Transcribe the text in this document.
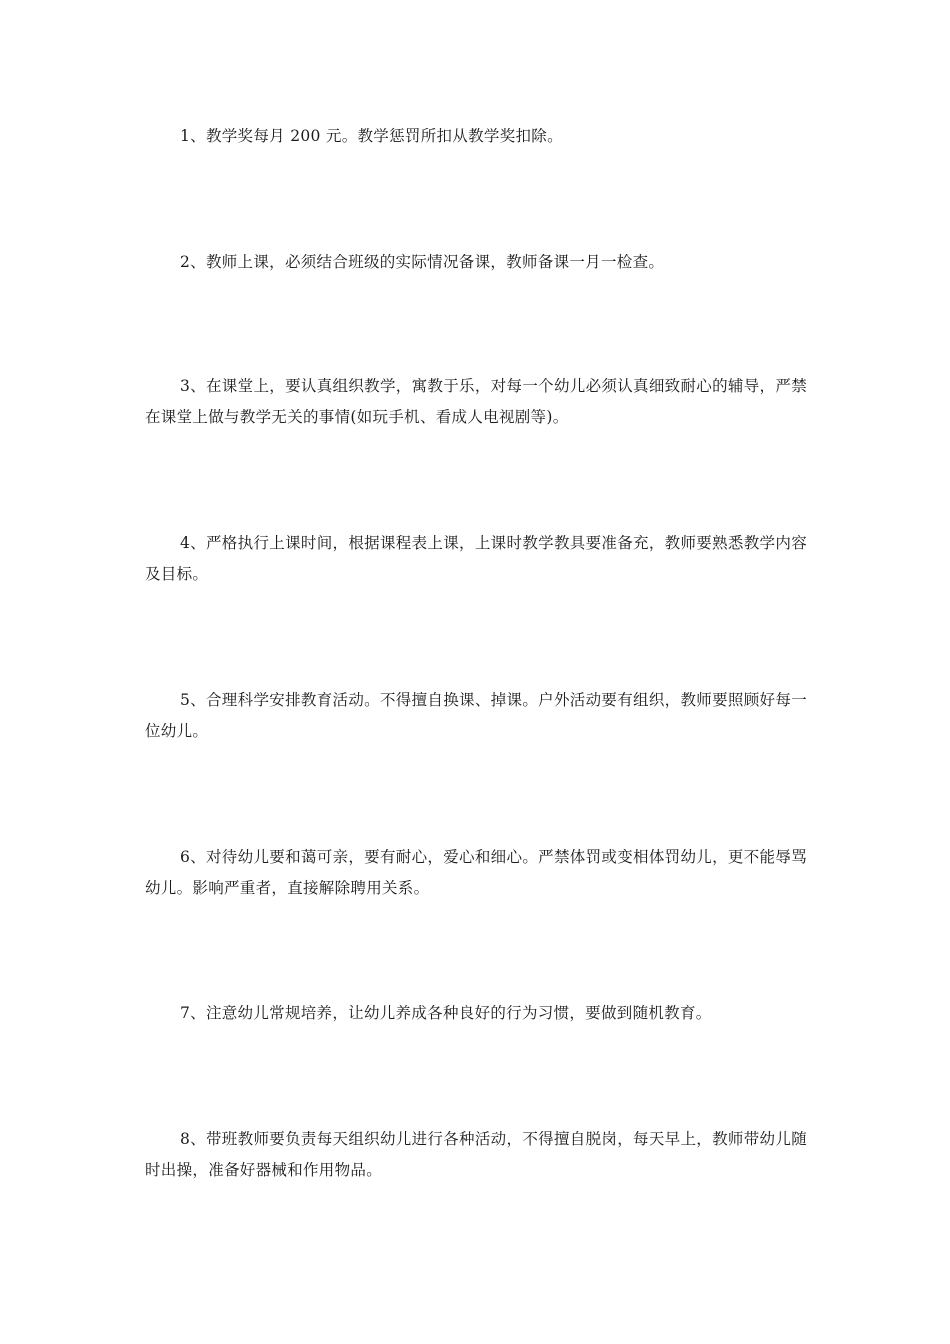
1、教学奖每月 200 元。教学惩罚所扣从教学奖扣除。

2、教师上课，必须结合班级的实际情况备课，教师备课一月一检查。

3、在课堂上，要认真组织教学，寓教于乐，对每一个幼儿必须认真细致耐心的辅导，严禁在课堂上做与教学无关的事情(如玩手机、看成人电视剧等)。

4、严格执行上课时间，根据课程表上课，上课时教学教具要准备充，教师要熟悉教学内容及目标。

5、合理科学安排教育活动。不得擅自换课、掉课。户外活动要有组织，教师要照顾好每一位幼儿。

6、对待幼儿要和蔼可亲，要有耐心，爱心和细心。严禁体罚或变相体罚幼儿，更不能辱骂幼儿。影响严重者，直接解除聘用关系。

7、注意幼儿常规培养，让幼儿养成各种良好的行为习惯，要做到随机教育。

8、带班教师要负责每天组织幼儿进行各种活动，不得擅自脱岗，每天早上，教师带幼儿随时出操，准备好器械和作用物品。
